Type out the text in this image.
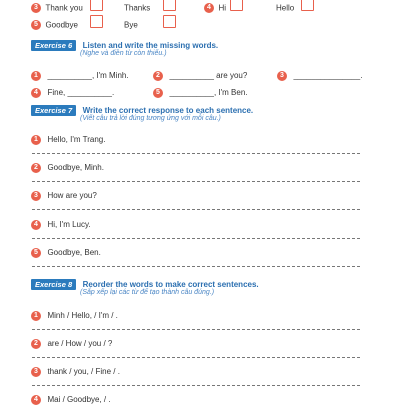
3 Thank you	Thanks	4 Hi	Hello
5 Goodbye	Bye
Exercise 6 Listen and write the missing words.
(Nghe và điền từ còn thiếu.)
1 __________, I'm Minh.	2 __________ are you?	3 _______________.
4 Fine, __________.	5 __________, I'm Ben.
Exercise 7 Write the correct response to each sentence.
(Viết câu trả lời đúng tương ứng với mỗi câu.)
1 Hello, I'm Trang.
2 Goodbye, Minh.
3 How are you?
4 Hi, I'm Lucy.
5 Goodbye, Ben.
Exercise 8 Reorder the words to make correct sentences.
(Sắp xếp lại các từ để tạo thành câu đúng.)
1 Minh / Hello, / I'm / .
2 are / How / you / ?
3 thank / you, / Fine / .
4 Mai / Goodbye, / .
